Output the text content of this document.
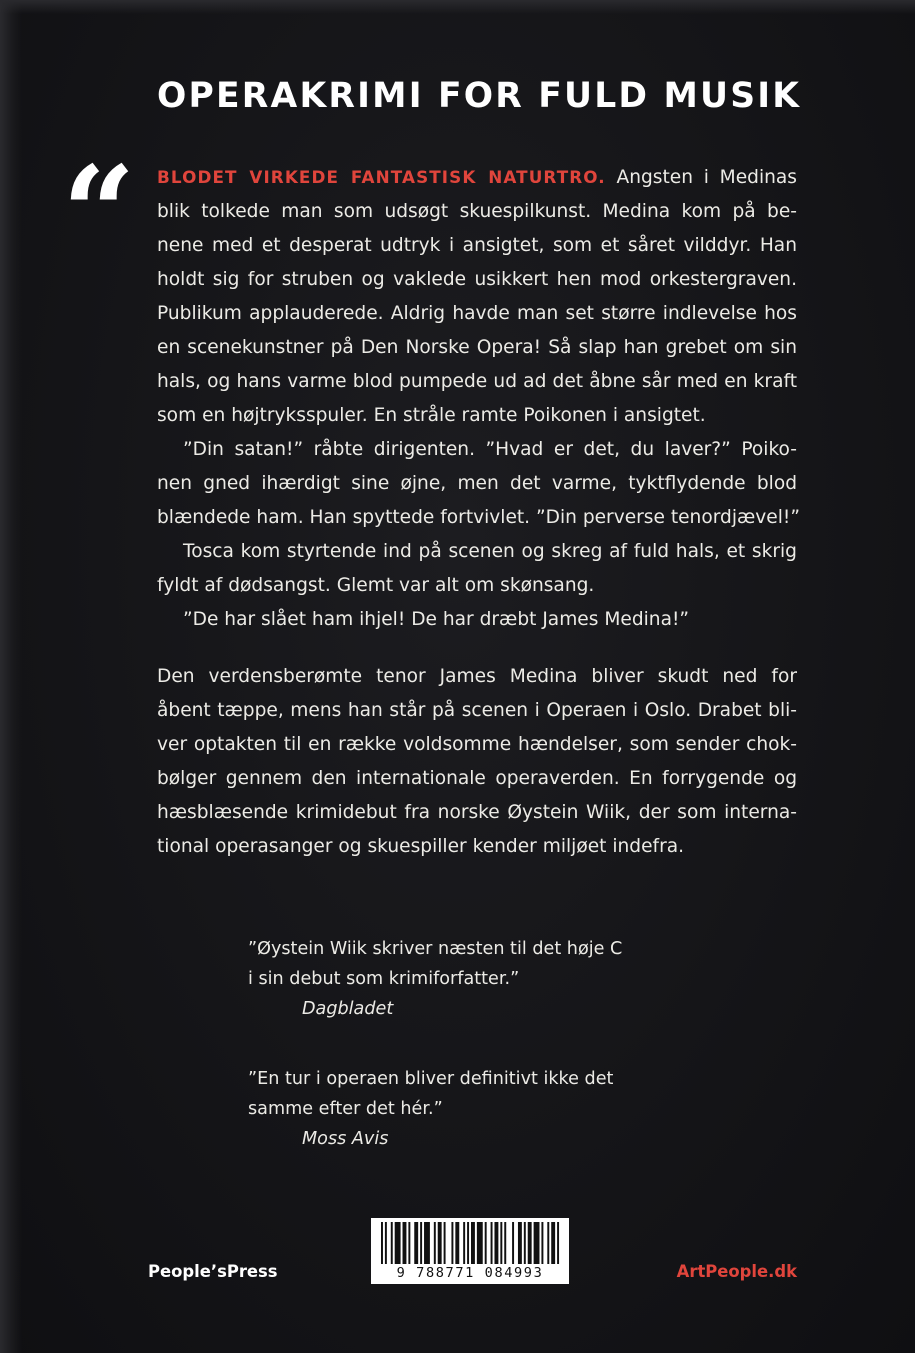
OPERAKRIMI FOR FULD MUSIK
“ BLODET VIRKEDE FANTASTISK NATURTRO. Angsten i Medinas
blik tolkede man som udsøgt skuespilkunst. Medina kom på be-
nene med et desperat udtryk i ansigtet, som et såret vilddyr. Han
holdt sig for struben og vaklede usikkert hen mod orkestergraven.
Publikum applauderede. Aldrig havde man set større indlevelse hos
en scenekunstner på Den Norske Opera! Så slap han grebet om sin
hals, og hans varme blod pumpede ud ad det åbne sår med en kraft
som en højtryksspuler. En stråle ramte Poikonen i ansigtet.
”Din satan!” råbte dirigenten. ”Hvad er det, du laver?” Poiko-
nen gned ihærdigt sine øjne, men det varme, tyktflydende blod
blændede ham. Han spyttede fortvivlet. ”Din perverse tenordjævel!”
Tosca kom styrtende ind på scenen og skreg af fuld hals, et skrig
fyldt af dødsangst. Glemt var alt om skønsang.
”De har slået ham ihjel! De har dræbt James Medina!”
Den verdensberømte tenor James Medina bliver skudt ned for
åbent tæppe, mens han står på scenen i Operaen i Oslo. Drabet bli-
ver optakten til en række voldsomme hændelser, som sender chok-
bølger gennem den internationale operaverden. En forrygende og
hæsblæsende krimidebut fra norske Øystein Wiik, der som interna-
tional operasanger og skuespiller kender miljøet indefra.
”Øystein Wiik skriver næsten til det høje C
i sin debut som krimiforfatter.”
Dagbladet
”En tur i operaen bliver definitivt ikke det
samme efter det hér.”
Moss Avis
9 788771 084993
People’sPress	ArtPeople.dk
